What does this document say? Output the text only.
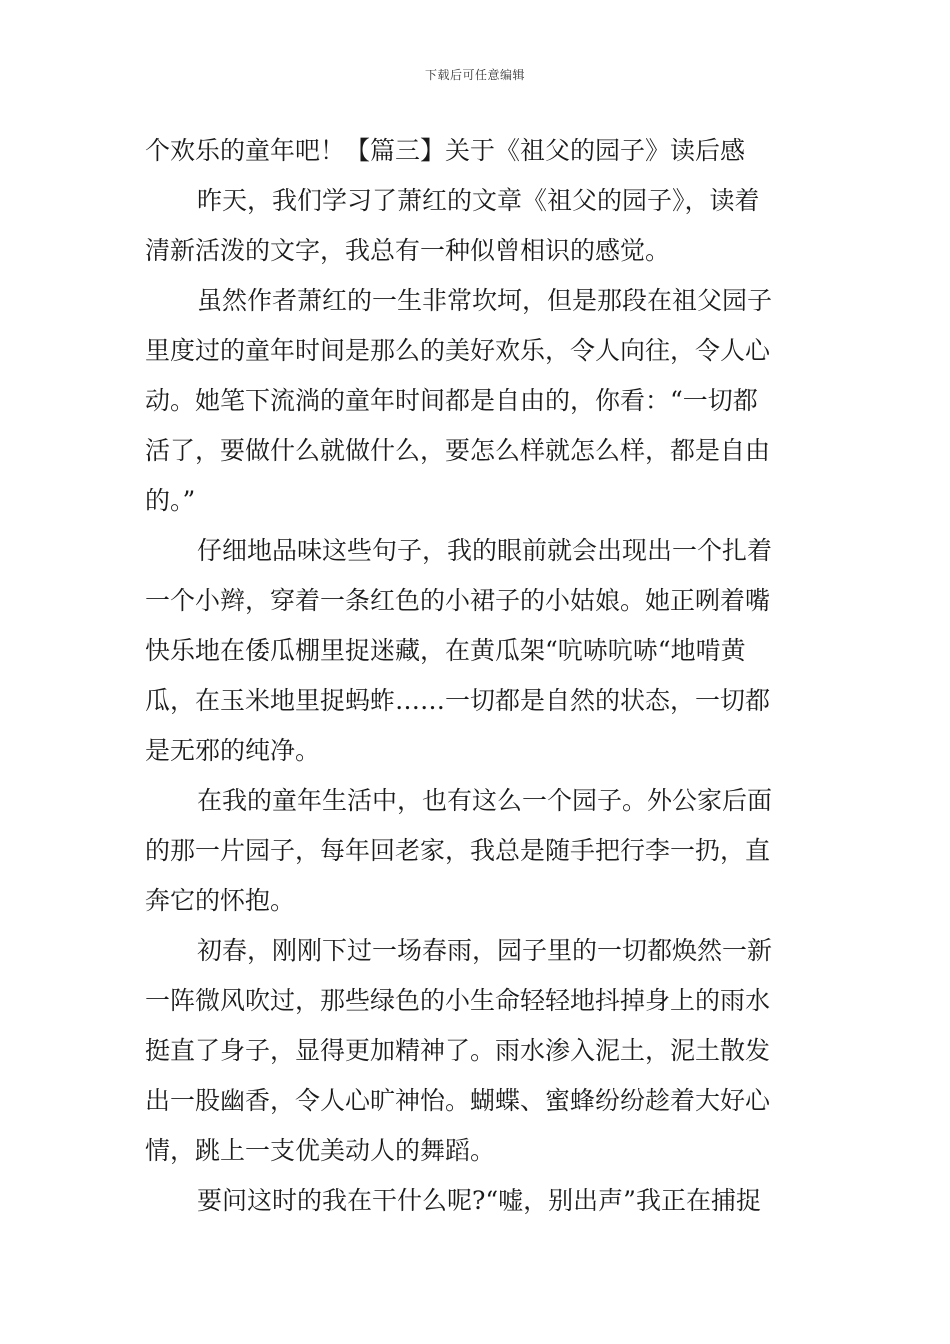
下载后可任意编辑
个欢乐的童年吧！【篇三】关于《祖父的园子》读后感
昨天，我们学习了萧红的文章《祖父的园子》，读着
清新活泼的文字，我总有一种似曾相识的感觉。
虽然作者萧红的一生非常坎坷，但是那段在祖父园子
里度过的童年时间是那么的美好欢乐，令人向往，令人心
动。她笔下流淌的童年时间都是自由的，你看：“一切都
活了，要做什么就做什么，要怎么样就怎么样，都是自由
的。”
仔细地品味这些句子，我的眼前就会出现出一个扎着
一个小辫，穿着一条红色的小裙子的小姑娘。她正咧着嘴
快乐地在倭瓜棚里捉迷藏，在黄瓜架“吭哧吭哧“地啃黄
瓜，在玉米地里捉蚂蚱……一切都是自然的状态，一切都
是无邪的纯净。
在我的童年生活中，也有这么一个园子。外公家后面
的那一片园子，每年回老家，我总是随手把行李一扔，直
奔它的怀抱。
初春，刚刚下过一场春雨，园子里的一切都焕然一新
一阵微风吹过，那些绿色的小生命轻轻地抖掉身上的雨水
挺直了身子，显得更加精神了。雨水渗入泥土，泥土散发
出一股幽香，令人心旷神怡。蝴蝶、蜜蜂纷纷趁着大好心
情，跳上一支优美动人的舞蹈。
要问这时的我在干什么呢?“嘘，别出声”我正在捕捉
